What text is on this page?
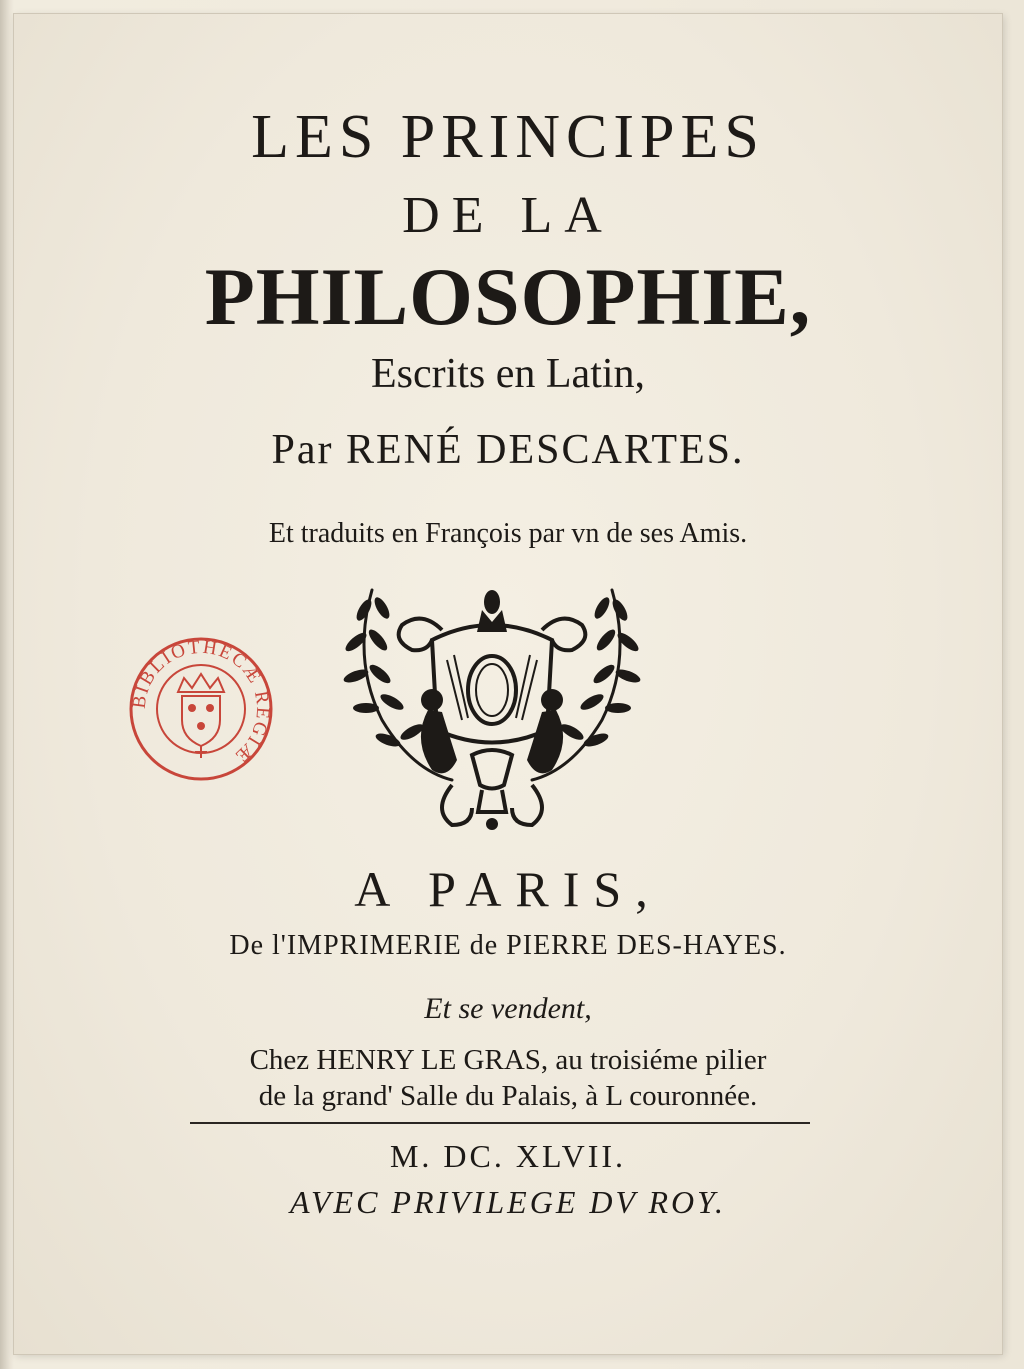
LES PRINCIPES

DE LA

PHILOSOPHIE,

Escrits en Latin,

Par RENÉ DESCARTES.

Et traduits en François par vn de ses Amis.

BIBLIOTHECÆ REGIÆ

A PARIS,

De l'IMPRIMERIE de PIERRE DES-HAYES.

Et se vendent,

Chez HENRY LE GRAS, au troisiéme pilier

de la grand' Salle du Palais, à L couronnée.

M. DC. XLVII.

AVEC PRIVILEGE DV ROY.
